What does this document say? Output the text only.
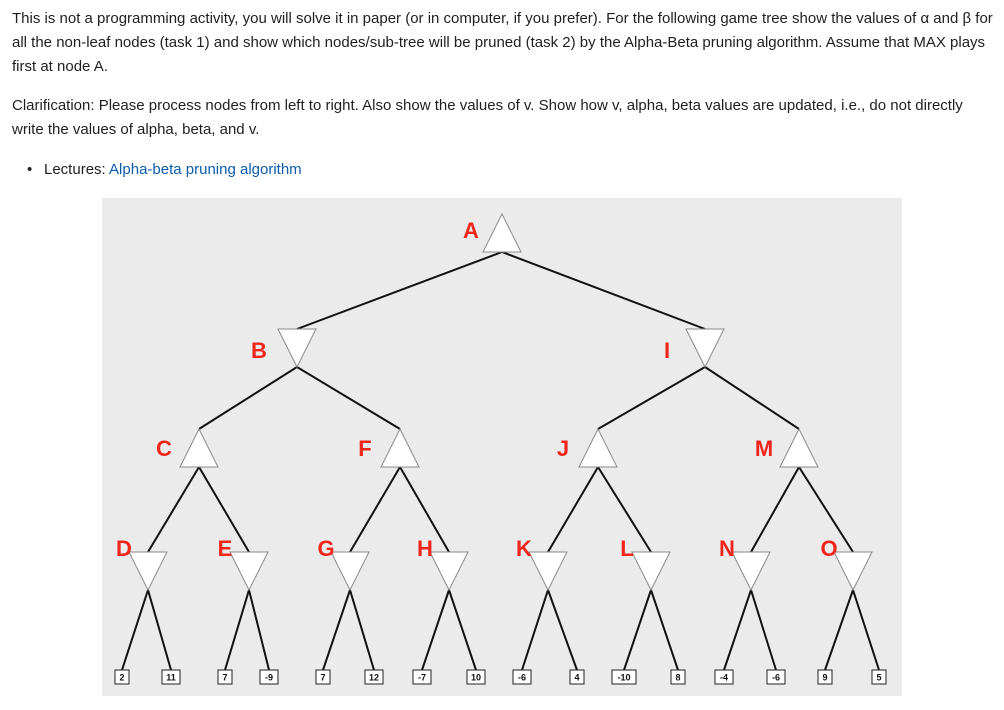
This is not a programming activity, you will solve it in paper (or in computer, if you prefer). For the following game tree show the values of α and β for all the non-leaf nodes (task 1) and show which nodes/sub-tree will be pruned (task 2) by the Alpha-Beta pruning algorithm. Assume that MAX plays first at node A.

Clarification: Please process nodes from left to right. Also show the values of v. Show how v, alpha, beta values are updated, i.e., do not directly write the values of alpha, beta, and v.

• Lectures: Alpha-beta pruning algorithm
A
B	I
C	F	J	M
D	E	G	H	K	L	N	O
2	11	7	-9	7	12	-7	10	-6	4	-10	8	-4	-6	9	5
